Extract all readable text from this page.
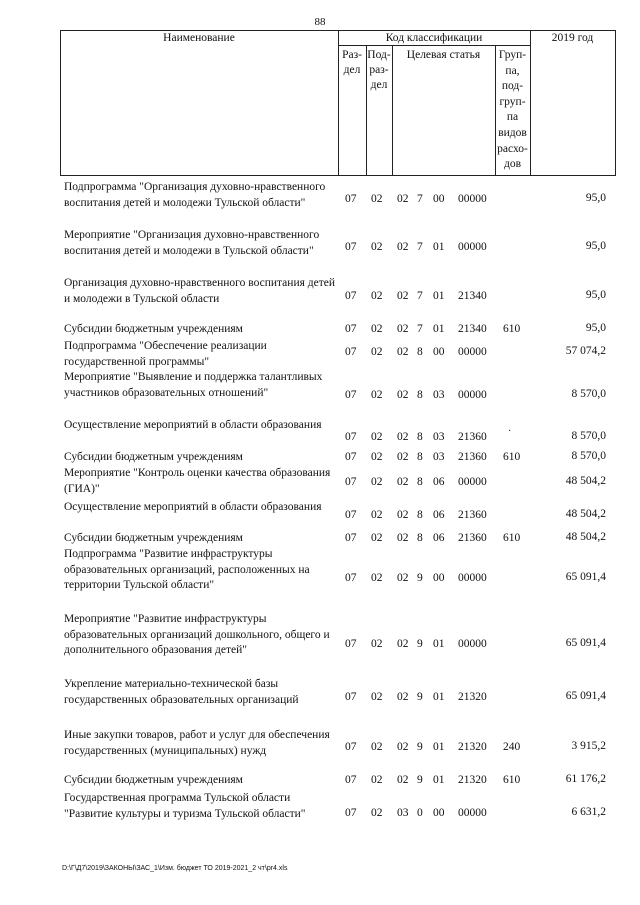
88
Наименование	Код классификации	2019 год
Раз-
дел
Под-
раз-
дел
Целевая статья	Груп-
па,
под-
груп-
па
видов
расхо-
дов
Подпрограмма "Организация духовно-нравственного воспитания детей и молодежи Тульской области"	07 02 02 7 00 00000	95,0
Мероприятие "Организация духовно-нравственного воспитания детей и молодежи в Тульской области"	07 02 02 7 01 00000	95,0
Организация духовно-нравственного воспитания детей и молодежи в Тульской области	07 02 02 7 01 21340	95,0
Субсидии бюджетным учреждениям	07 02 02 7 01 21340 610	95,0
Подпрограмма "Обеспечение реализации государственной программы"
07 02 02 8 00 00000	57 074,2
Мероприятие "Выявление и поддержка талантливых участников образовательных отношений"	07 02 02 8 03 00000	8 570,0
Осуществление мероприятий в области образования
07 02 02 8 03 21360	8 570,0
Субсидии бюджетным учреждениям	07 02 02 8 03 21360 610	8 570,0
Мероприятие "Контроль оценки качества образования (ГИА)"
07 02 02 8 06 00000	48 504,2
Осуществление мероприятий в области образования
07 02 02 8 06 21360	48 504,2
Субсидии бюджетным учреждениям	07 02 02 8 06 21360 610	48 504,2
Подпрограмма "Развитие инфраструктуры образовательных организаций, расположенных на территории Тульской области"
07 02 02 9 00 00000	65 091,4
Мероприятие "Развитие инфраструктуры образовательных организаций дошкольного, общего и дополнительного образования детей"	07 02 02 9 01 00000	65 091,4
Укрепление материально-технической базы государственных образовательных организаций	07 02 02 9 01 21320	65 091,4
Иные закупки товаров, работ и услуг для обеспечения государственных (муниципальных) нужд	07 02 02 9 01 21320 240	3 915,2
Субсидии бюджетным учреждениям	07 02 02 9 01 21320 610	61 176,2
Государственная программа Тульской области "Развитие культуры и туризма Тульской области"	07 02 03 0 00 00000	6 631,2
·
D:\Г\Д7\2019\ЗАКОНЫ\ЗАС_1\Изм. бюджет ТО 2019-2021_2 чт\pr4.xls
